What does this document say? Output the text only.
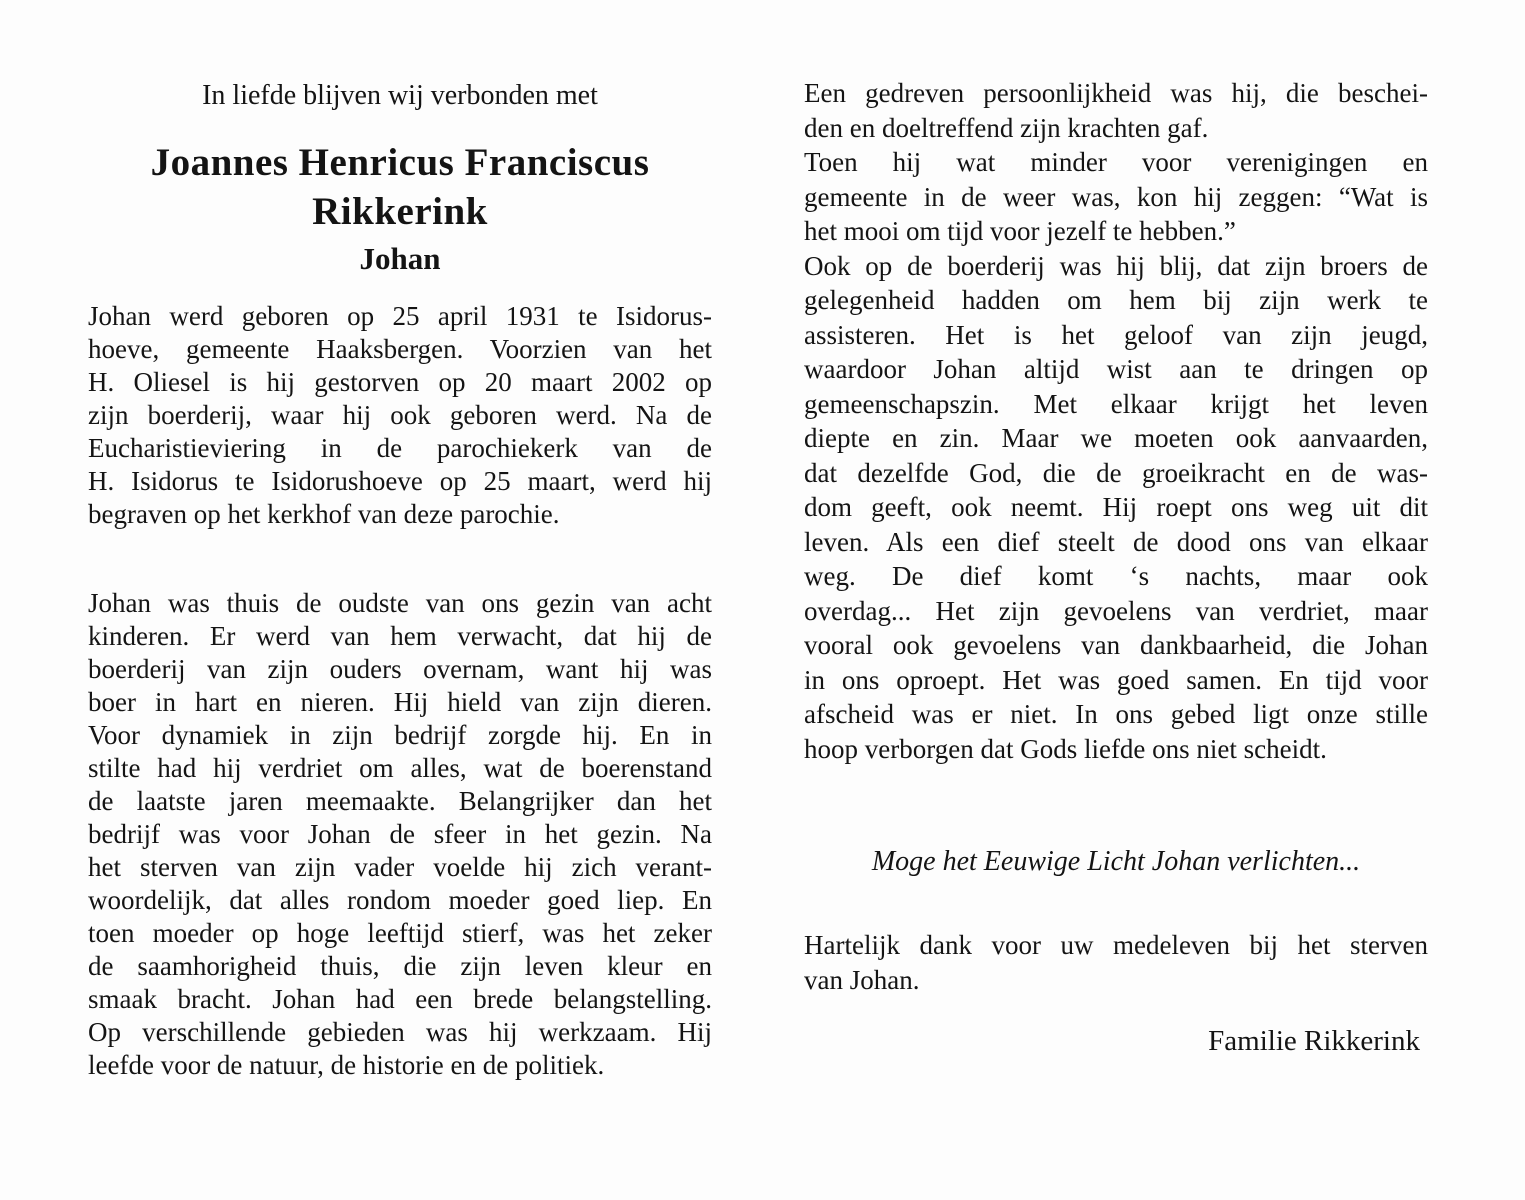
In liefde blijven wij verbonden met
Joannes Henricus Franciscus
Rikkerink
Johan
Johan werd geboren op 25 april 1931 te Isidorus-
hoeve, gemeente Haaksbergen. Voorzien van het
H. Oliesel is hij gestorven op 20 maart 2002 op
zijn boerderij, waar hij ook geboren werd. Na de
Eucharistieviering in de parochiekerk van de
H. Isidorus te Isidorushoeve op 25 maart, werd hij
begraven op het kerkhof van deze parochie.
Johan was thuis de oudste van ons gezin van acht
kinderen. Er werd van hem verwacht, dat hij de
boerderij van zijn ouders overnam, want hij was
boer in hart en nieren. Hij hield van zijn dieren.
Voor dynamiek in zijn bedrijf zorgde hij. En in
stilte had hij verdriet om alles, wat de boerenstand
de laatste jaren meemaakte. Belangrijker dan het
bedrijf was voor Johan de sfeer in het gezin. Na
het sterven van zijn vader voelde hij zich verant-
woordelijk, dat alles rondom moeder goed liep. En
toen moeder op hoge leeftijd stierf, was het zeker
de saamhorigheid thuis, die zijn leven kleur en
smaak bracht. Johan had een brede belangstelling.
Op verschillende gebieden was hij werkzaam. Hij
leefde voor de natuur, de historie en de politiek.
Een gedreven persoonlijkheid was hij, die beschei-
den en doeltreffend zijn krachten gaf.
Toen hij wat minder voor verenigingen en
gemeente in de weer was, kon hij zeggen: “Wat is
het mooi om tijd voor jezelf te hebben.”
Ook op de boerderij was hij blij, dat zijn broers de
gelegenheid hadden om hem bij zijn werk te
assisteren. Het is het geloof van zijn jeugd,
waardoor Johan altijd wist aan te dringen op
gemeenschapszin. Met elkaar krijgt het leven
diepte en zin. Maar we moeten ook aanvaarden,
dat dezelfde God, die de groeikracht en de was-
dom geeft, ook neemt. Hij roept ons weg uit dit
leven. Als een dief steelt de dood ons van elkaar
weg. De dief komt ‘s nachts, maar ook
overdag... Het zijn gevoelens van verdriet, maar
vooral ook gevoelens van dankbaarheid, die Johan
in ons oproept. Het was goed samen. En tijd voor
afscheid was er niet. In ons gebed ligt onze stille
hoop verborgen dat Gods liefde ons niet scheidt.
Moge het Eeuwige Licht Johan verlichten...
Hartelijk dank voor uw medeleven bij het sterven
van Johan.
Familie Rikkerink
